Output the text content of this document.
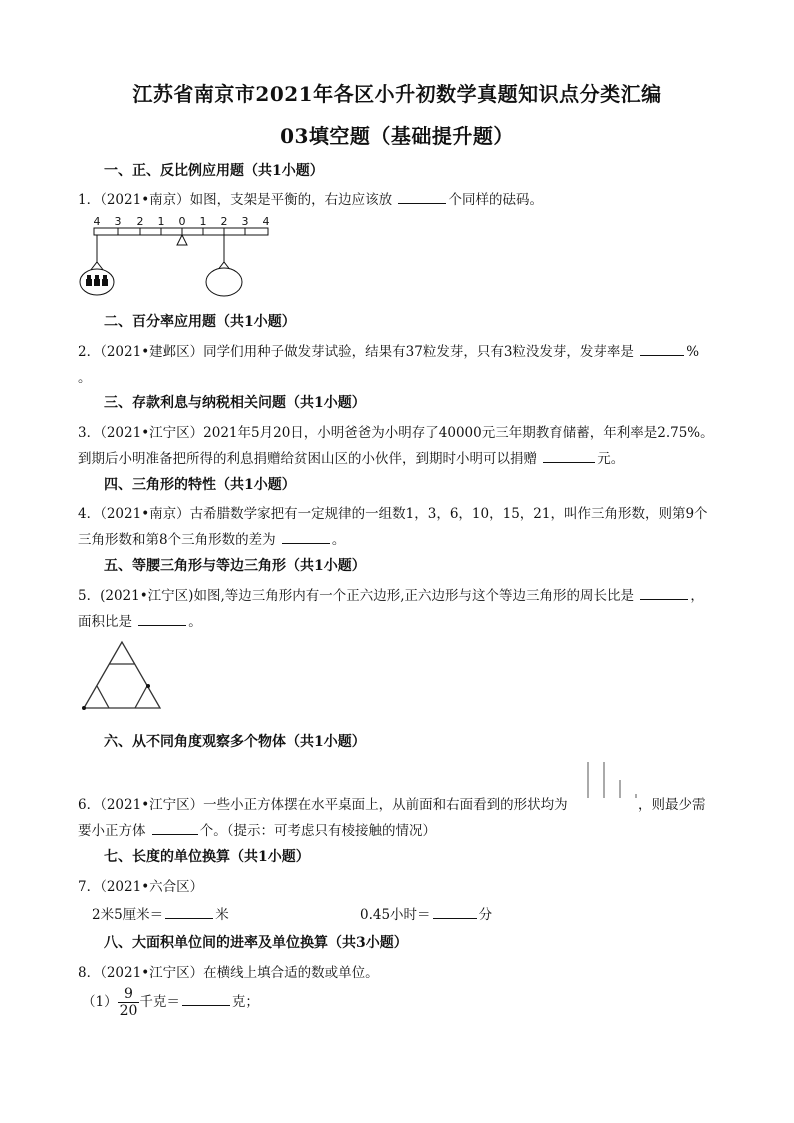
江苏省南京市2021年各区小升初数学真题知识点分类汇编
03填空题（基础提升题）
一、正、反比例应用题（共1小题）
1．（2021•南京）如图，支架是平衡的，右边应该放	个同样的砝码。
4 3 2 1 0 1 2 3 4
二、百分率应用题（共1小题）
2．（2021•建邺区）同学们用种子做发芽试验，结果有37粒发芽，只有3粒没发芽，发芽率是	%
。
三、存款利息与纳税相关问题（共1小题）
3．（2021•江宁区）2021年5月20日，小明爸爸为小明存了40000元三年期教育储蓄，年利率是2.75%。
到期后小明准备把所得的利息捐赠给贫困山区的小伙伴，到期时小明可以捐赠	元。
四、三角形的特性（共1小题）
4．（2021•南京）古希腊数学家把有一定规律的一组数1，3，6，10，15，21，叫作三角形数，则第9个
三角形数和第8个三角形数的差为	。
五、等腰三角形与等边三角形（共1小题）
5．(2021•江宁区)如图,等边三角形内有一个正六边形,正六边形与这个等边三角形的周长比是	，
面积比是	。
六、从不同角度观察多个物体（共1小题）
6．（2021•江宁区）一些小正方体摆在水平桌面上，从前面和右面看到的形状均为	，则最少需
要小正方体	个。（提示：可考虑只有棱接触的情况）
七、长度的单位换算（共1小题）
7．（2021•六合区）
2米5厘米＝	米	0.45小时＝	分
八、大面积单位间的进率及单位换算（共3小题）
8．（2021•江宁区）在横线上填合适的数或单位。
$(1) \frac{9}{20}$ 千克＝	克；
